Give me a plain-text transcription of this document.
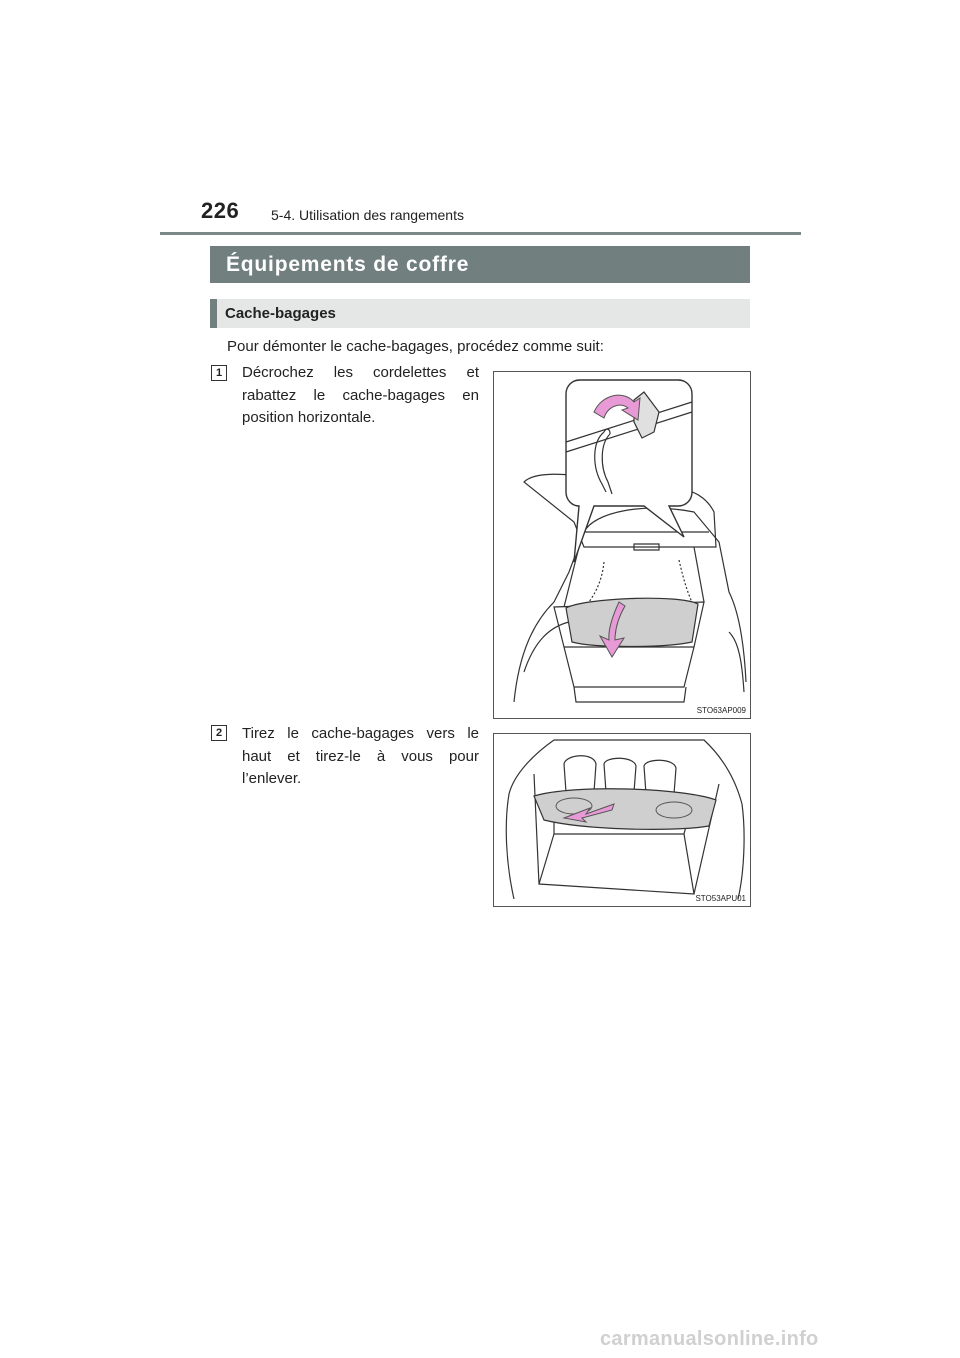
226 5-4. Utilisation des rangements
Équipements de coffre
Cache-bagages
Pour démonter le cache-bagages, procédez comme suit:
1	Décrochez les cordelettes et rabattez le cache-bagages en position horizontale.
STO63AP009
2	Tirez le cache-bagages vers le haut et tirez-le à vous pour l’enlever.
STO53APU01
carmanualsonline.info
